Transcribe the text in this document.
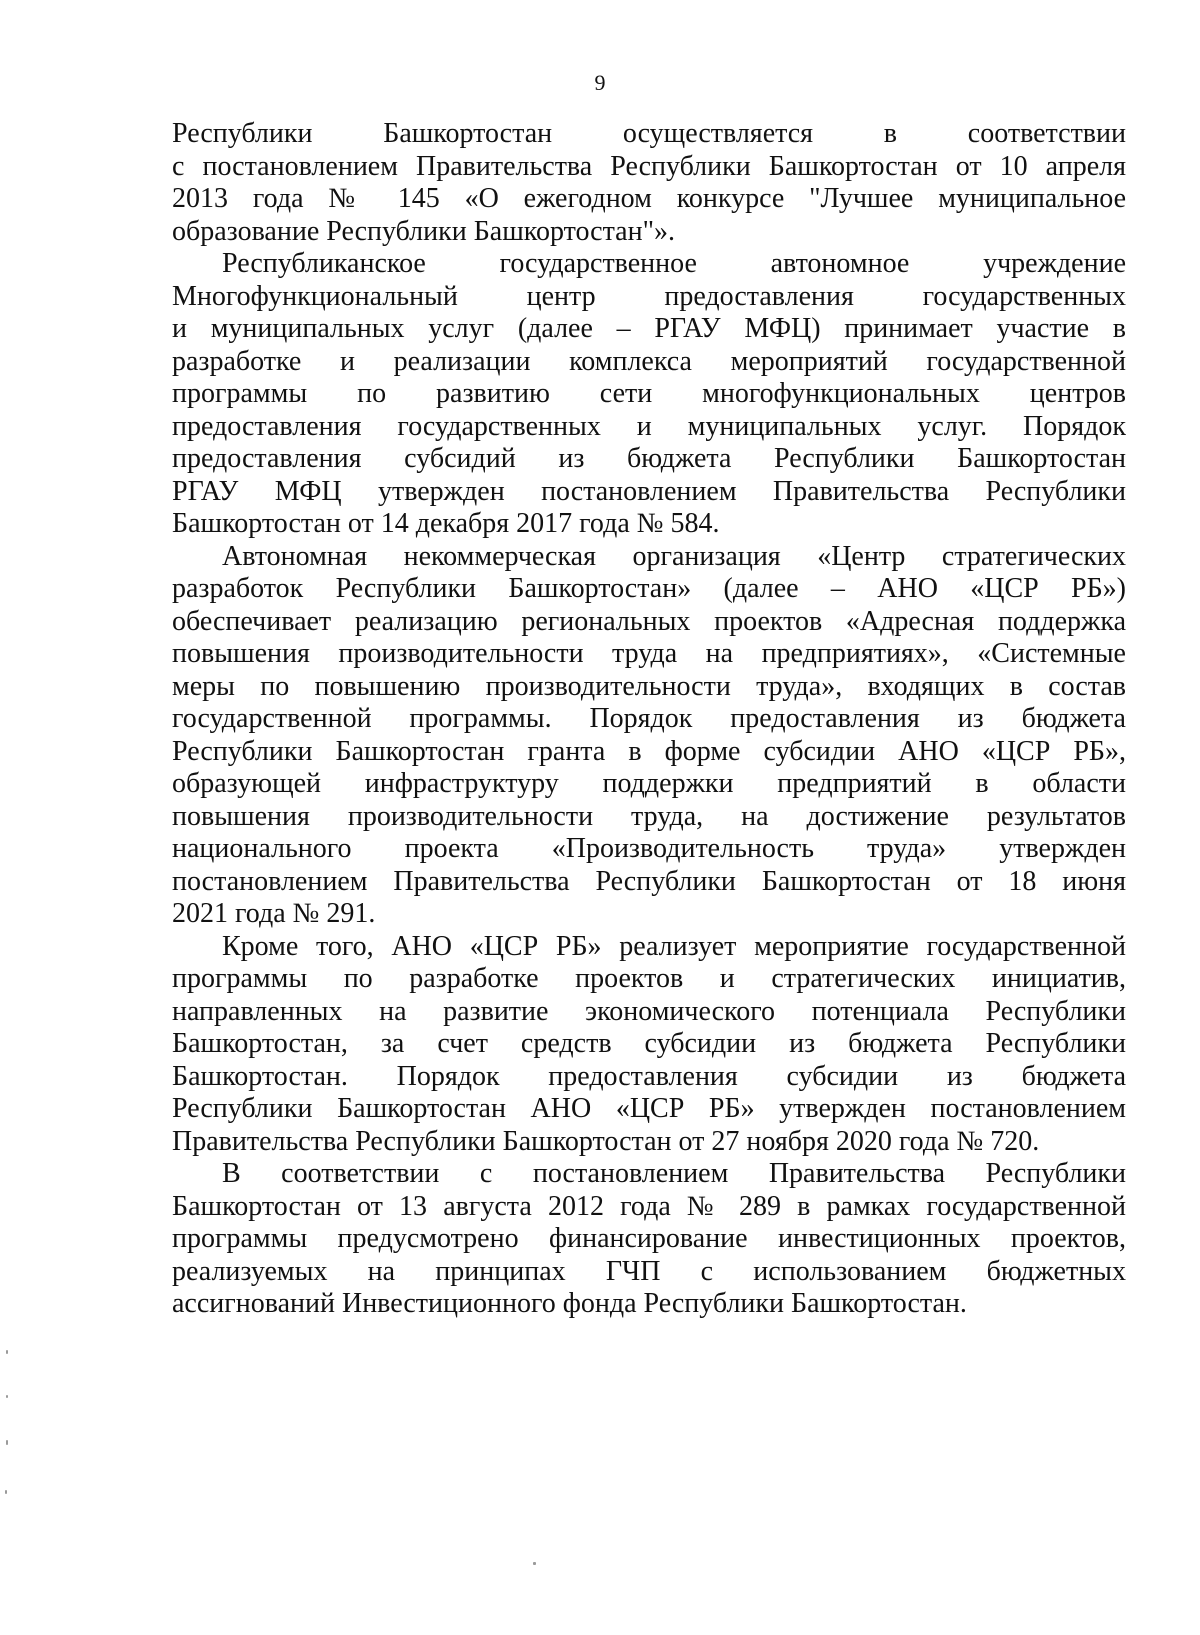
9

Республики Башкортостан осуществляется в соответствии
с постановлением Правительства Республики Башкортостан от 10 апреля
2013 года № 145 «О ежегодном конкурсе "Лучшее муниципальное
образование Республики Башкортостан"».

Республиканское государственное автономное учреждение
Многофункциональный центр предоставления государственных
и муниципальных услуг (далее – РГАУ МФЦ) принимает участие в
разработке и реализации комплекса мероприятий государственной
программы по развитию сети многофункциональных центров
предоставления государственных и муниципальных услуг. Порядок
предоставления субсидий из бюджета Республики Башкортостан
РГАУ МФЦ утвержден постановлением Правительства Республики
Башкортостан от 14 декабря 2017 года № 584.

Автономная некоммерческая организация «Центр стратегических
разработок Республики Башкортостан» (далее – АНО «ЦСР РБ»)
обеспечивает реализацию региональных проектов «Адресная поддержка
повышения производительности труда на предприятиях», «Системные
меры по повышению производительности труда», входящих в состав
государственной программы. Порядок предоставления из бюджета
Республики Башкортостан гранта в форме субсидии АНО «ЦСР РБ»,
образующей инфраструктуру поддержки предприятий в области
повышения производительности труда, на достижение результатов
национального проекта «Производительность труда» утвержден
постановлением Правительства Республики Башкортостан от 18 июня
2021 года № 291.

Кроме того, АНО «ЦСР РБ» реализует мероприятие государственной
программы по разработке проектов и стратегических инициатив,
направленных на развитие экономического потенциала Республики
Башкортостан, за счет средств субсидии из бюджета Республики
Башкортостан. Порядок предоставления субсидии из бюджета
Республики Башкортостан АНО «ЦСР РБ» утвержден постановлением
Правительства Республики Башкортостан от 27 ноября 2020 года № 720.

В соответствии с постановлением Правительства Республики
Башкортостан от 13 августа 2012 года № 289 в рамках государственной
программы предусмотрено финансирование инвестиционных проектов,
реализуемых на принципах ГЧП с использованием бюджетных
ассигнований Инвестиционного фонда Республики Башкортостан.
